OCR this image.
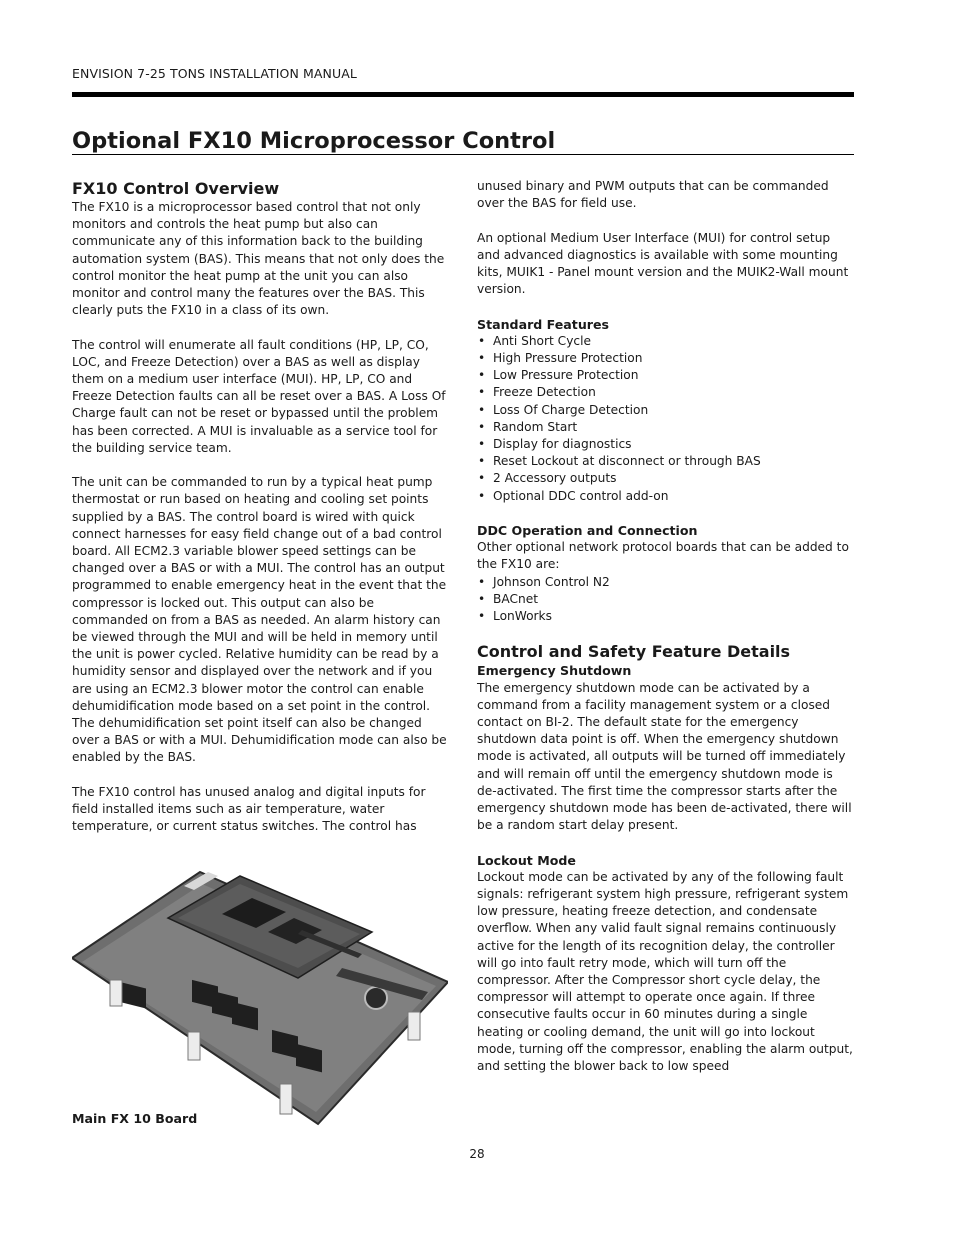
ENVISION 7-25 TONS INSTALLATION MANUAL
Optional FX10 Microprocessor Control
FX10 Control Overview

The FX10 is a microprocessor based control that not only monitors and controls the heat pump but also can communicate any of this information back to the building automation system (BAS). This means that not only does the control monitor the heat pump at the unit you can also monitor and control many the features over the BAS. This clearly puts the FX10 in a class of its own.

The control will enumerate all fault conditions (HP, LP, CO, LOC, and Freeze Detection) over a BAS as well as display them on a medium user interface (MUI). HP, LP, CO and Freeze Detection faults can all be reset over a BAS. A Loss Of Charge fault can not be reset or bypassed until the problem has been corrected. A MUI is invaluable as a service tool for the building service team.

The unit can be commanded to run by a typical heat pump thermostat or run based on heating and cooling set points supplied by a BAS. The control board is wired with quick connect harnesses for easy field change out of a bad control board. All ECM2.3 variable blower speed settings can be changed over a BAS or with a MUI. The control has an output programmed to enable emergency heat in the event that the compressor is locked out. This output can also be commanded on from a BAS as needed. An alarm history can be viewed through the MUI and will be held in memory until the unit is power cycled. Relative humidity can be read by a humidity sensor and displayed over the network and if you are using an ECM2.3 blower motor the control can enable dehumidification mode based on a set point in the control. The dehumidification set point itself can also be changed over a BAS or with a MUI. Dehumidification mode can also be enabled by the BAS.

The FX10 control has unused analog and digital inputs for field installed items such as air temperature, water temperature, or current status switches. The control has

Main FX 10 Board

unused binary and PWM outputs that can be commanded over the BAS for field use.

An optional Medium User Interface (MUI) for control setup and advanced diagnostics is available with some mounting kits, MUIK1 - Panel mount version and the MUIK2-Wall mount version.

Standard Features
• Anti Short Cycle
• High Pressure Protection
• Low Pressure Protection
• Freeze Detection
• Loss Of Charge Detection
• Random Start
• Display for diagnostics
• Reset Lockout at disconnect or through BAS
• 2 Accessory outputs
• Optional DDC control add-on
DDC Operation and Connection

Other optional network protocol boards that can be added to the FX10 are:

• Johnson Control N2
• BACnet
• LonWorks
Control and Safety Feature Details
Emergency Shutdown

The emergency shutdown mode can be activated by a command from a facility management system or a closed contact on BI-2. The default state for the emergency shutdown data point is off. When the emergency shutdown mode is activated, all outputs will be turned off immediately and will remain off until the emergency shutdown mode is de-activated. The first time the compressor starts after the emergency shutdown mode has been de-activated, there will be a random start delay present.

Lockout Mode

Lockout mode can be activated by any of the following fault signals: refrigerant system high pressure, refrigerant system low pressure, heating freeze detection, and condensate overflow. When any valid fault signal remains continuously active for the length of its recognition delay, the controller will go into fault retry mode, which will turn off the compressor. After the Compressor short cycle delay, the compressor will attempt to operate once again. If three consecutive faults occur in 60 minutes during a single heating or cooling demand, the unit will go into lockout mode, turning off the compressor, enabling the alarm output, and setting the blower back to low speed

28
